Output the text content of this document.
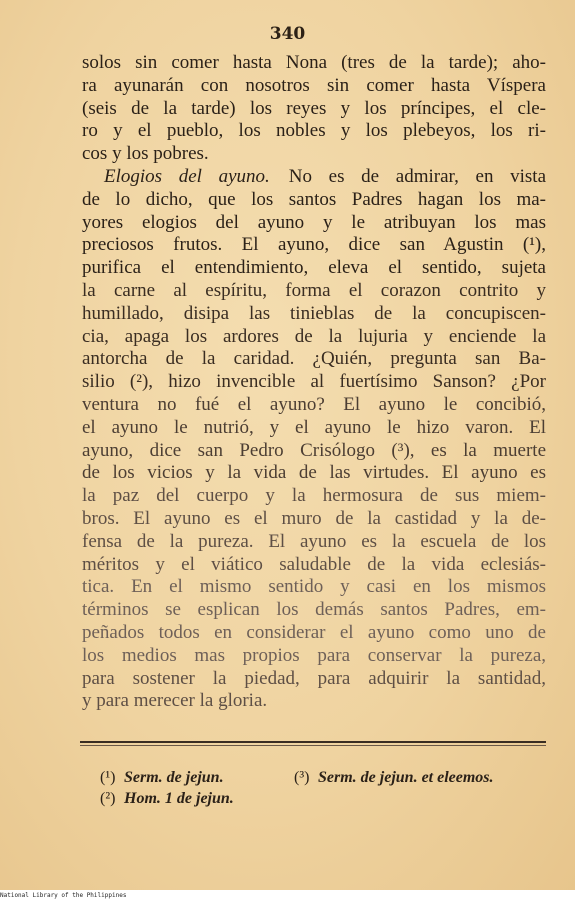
340
solos sin comer hasta Nona (tres de la tarde); aho-
ra ayunarán con nosotros sin comer hasta Víspera
(seis de la tarde) los reyes y los príncipes, el cle-
ro y el pueblo, los nobles y los plebeyos, los ri-
cos y los pobres.
Elogios del ayuno.  No es de admirar, en vista
de lo dicho, que los santos Padres hagan los ma-
yores elogios del ayuno y le atribuyan los mas
preciosos frutos. El ayuno, dice san Agustin (¹),
purifica el entendimiento, eleva el sentido, sujeta
la carne al espíritu, forma el corazon contrito y
humillado, disipa las tinieblas de la concupiscen-
cia, apaga los ardores de la lujuria y enciende la
antorcha de la caridad. ¿Quién, pregunta san Ba-
silio (²), hizo invencible al fuertísimo Sanson? ¿Por
ventura no fué el ayuno? El ayuno le concibió,
el ayuno le nutrió, y el ayuno le hizo varon. El
ayuno, dice san Pedro Crisólogo (³), es la muerte
de los vicios y la vida de las virtudes. El ayuno es
la paz del cuerpo y la hermosura de sus miem-
bros. El ayuno es el muro de la castidad y la de-
fensa de la pureza. El ayuno es la escuela de los
méritos y el viático saludable de la vida eclesiás-
tica. En el mismo sentido y casi en los mismos
términos se esplican los demás santos Padres, em-
peñados todos en considerar el ayuno como uno de
los medios mas propios para conservar la pureza,
para sostener la piedad, para adquirir la santidad,
y para merecer la gloria.
(¹) Serm. de jejun.	(³) Serm. de jejun. et eleemos.
(²) Hom. 1 de jejun.
National Library of the Philippines
